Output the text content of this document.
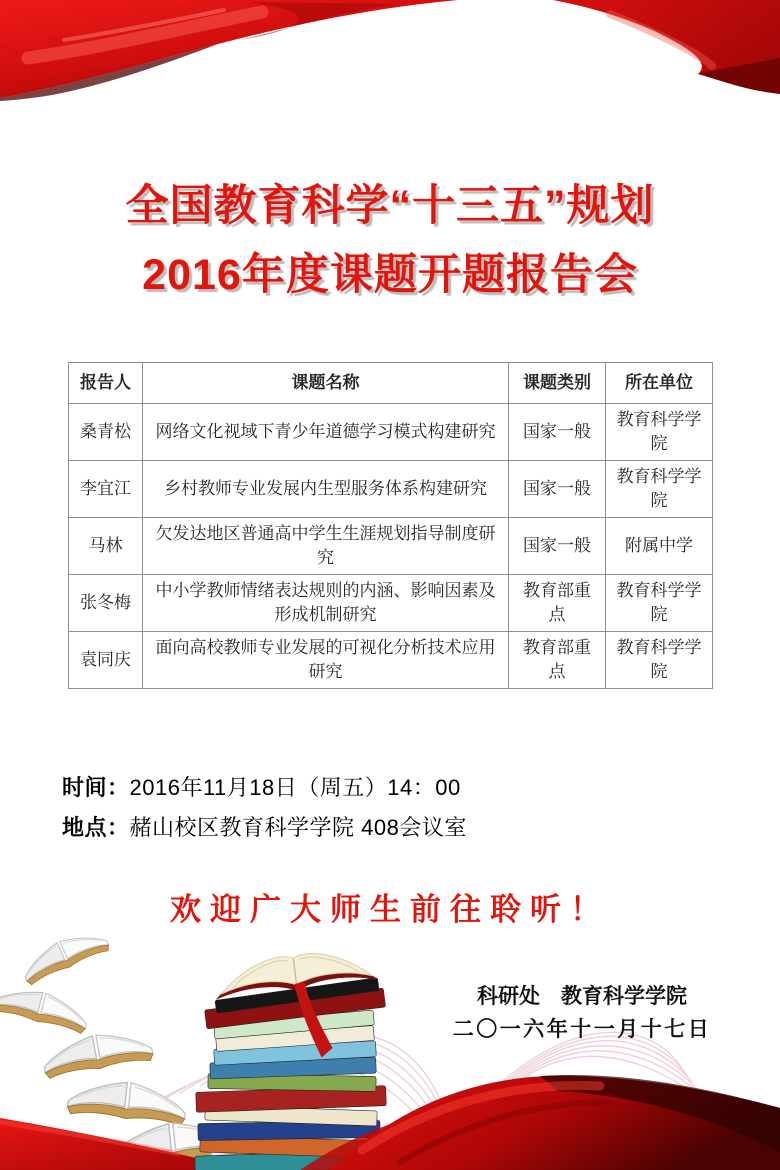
全国教育科学“十三五”规划
2016年度课题开题报告会
报告人	课题名称	课题类别	所在单位
桑青松	网络文化视域下青少年道德学习模式构建研究	国家一般	教育科学学院
李宜江	乡村教师专业发展内生型服务体系构建研究	国家一般	教育科学学院
马林	欠发达地区普通高中学生生涯规划指导制度研究	国家一般	附属中学
张冬梅	中小学教师情绪表达规则的内涵、影响因素及形成机制研究	教育部重点	教育科学学院
袁同庆	面向高校教师专业发展的可视化分析技术应用研究	教育部重点	教育科学学院
时间：2016年11月18日（周五）14：00
地点：赭山校区教育科学学院 408会议室
欢迎广大师生前往聆听！
科研处　教育科学学院
二〇一六年十一月十七日
